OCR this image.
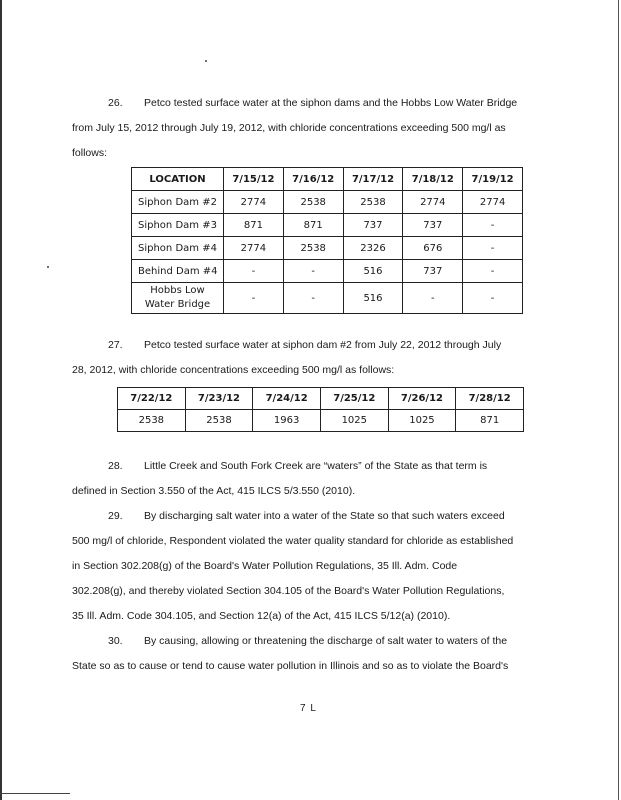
26. Petco tested surface water at the siphon dams and the Hobbs Low Water Bridge

from July 15, 2012 through July 19, 2012, with chloride concentrations exceeding 500 mg/l as

follows:

LOCATION	7/15/12	7/16/12	7/17/12	7/18/12	7/19/12
Siphon Dam #2	2774	2538	2538	2774	2774
Siphon Dam #3	871	871	737	737	-
Siphon Dam #4	2774	2538	2326	676	-
Behind Dam #4	-	-	516	737	-
Hobbs Low
Water Bridge	-	-	516	-	-

27. Petco tested surface water at siphon dam #2 from July 22, 2012 through July

28, 2012, with chloride concentrations exceeding 500 mg/l as follows:

7/22/12	7/23/12	7/24/12	7/25/12	7/26/12	7/28/12
2538	2538	1963	1025	1025	871

28. Little Creek and South Fork Creek are “waters” of the State as that term is

defined in Section 3.550 of the Act, 415 ILCS 5/3.550 (2010).

29. By discharging salt water into a water of the State so that such waters exceed

500 mg/l of chloride, Respondent violated the water quality standard for chloride as established

in Section 302.208(g) of the Board's Water Pollution Regulations, 35 Ill. Adm. Code

302.208(g), and thereby violated Section 304.105 of the Board's Water Pollution Regulations,

35 Ill. Adm. Code 304.105, and Section 12(a) of the Act, 415 ILCS 5/12(a) (2010).

30. By causing, allowing or threatening the discharge of salt water to waters of the

State so as to cause or tend to cause water pollution in Illinois and so as to violate the Board's

7 L
